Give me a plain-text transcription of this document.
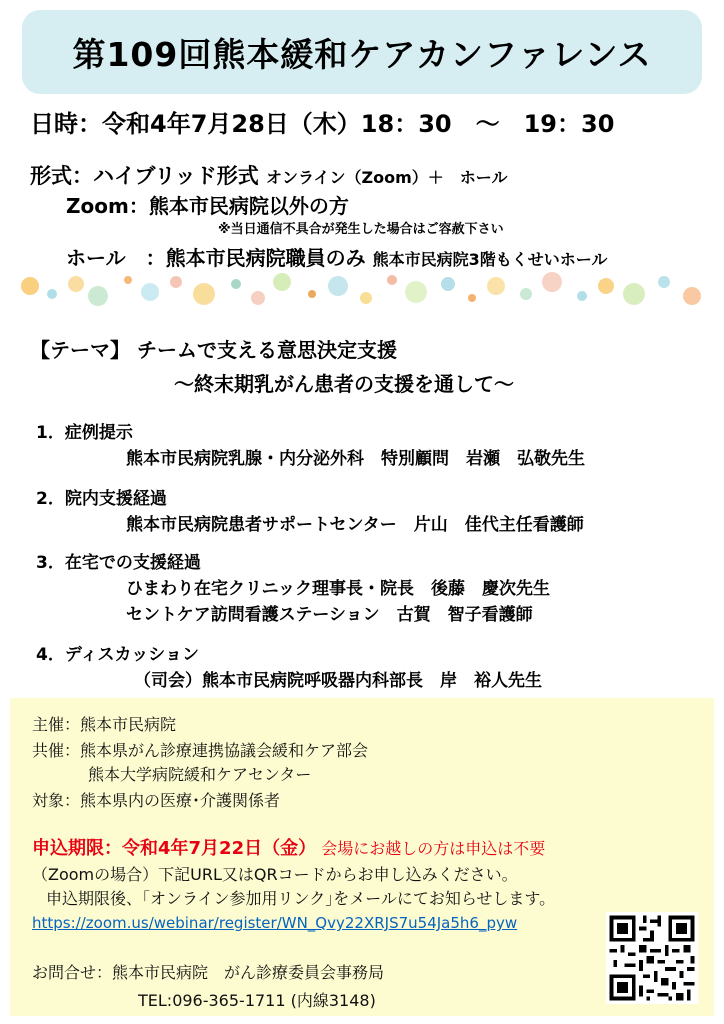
第109回熊本緩和ケアカンファレンス
日時：令和4年7月28日（木）18：30　～　19：30
形式：ハイブリッド形式 オンライン（Zoom）＋　ホール
Zoom：熊本市民病院以外の方
※当日通信不具合が発生した場合はご容赦下さい
ホール　：熊本市民病院職員のみ 熊本市民病院3階もくせいホール
【テーマ】 チームで支える意思決定支援
～終末期乳がん患者の支援を通して～
1．症例提示
熊本市民病院乳腺・内分泌外科　特別顧問　岩瀬　弘敬先生
2．院内支援経過
熊本市民病院患者サポートセンター　片山　佳代主任看護師
3．在宅での支援経過
ひまわり在宅クリニック理事長・院長　後藤　慶次先生
セントケア訪問看護ステーション　古賀　智子看護師
4．ディスカッション
（司会）熊本市民病院呼吸器内科部長　岸　裕人先生
主催：熊本市民病院
共催：熊本県がん診療連携協議会緩和ケア部会
熊本大学病院緩和ケアセンター
対象：熊本県内の医療･介護関係者
申込期限：令和4年7月22日（金） 会場にお越しの方は申込は不要
（Zoomの場合）下記URL又はQRコードからお申し込みください。
申込期限後、｢オンライン参加用リンク｣をメールにてお知らせします。
https://zoom.us/webinar/register/WN_Qvy22XRJS7u54Ja5h6_pyw
お問合せ：熊本市民病院　がん診療委員会事務局
TEL:096-365-1711 (内線3148)
